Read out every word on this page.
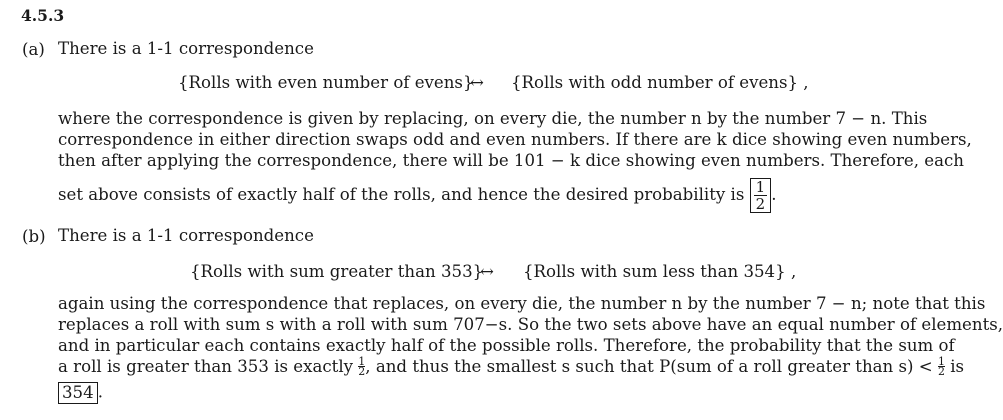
4.5.3
(a) There is a 1-1 correspondence
{Rolls with even number of evens}
↔ {Rolls with odd number of evens} ,
where the correspondence is given by replacing, on every die, the number n by the number 7 − n. This
correspondence in either direction swaps odd and even numbers. If there are k dice showing even numbers,
then after applying the correspondence, there will be 101 − k dice showing even numbers. Therefore, each
set above consists of exactly half of the rolls, and hence the desired probability is $\frac{1}{2}$ .
(b) There is a 1-1 correspondence
{Rolls with sum greater than 353}
↔ {Rolls with sum less than 354} ,
again using the correspondence that replaces, on every die, the number n by the number 7 − n; note that this
replaces a roll with sum s with a roll with sum 707−s. So the two sets above have an equal number of elements,
and in particular each contains exactly half of the possible rolls. Therefore, the probability that the sum of
a roll is greater than 353 is exactly $\frac{1}{2}$ , and thus the smallest s such that P(sum of a roll greater than $s) < \frac{1}{2}$ is
354 .
